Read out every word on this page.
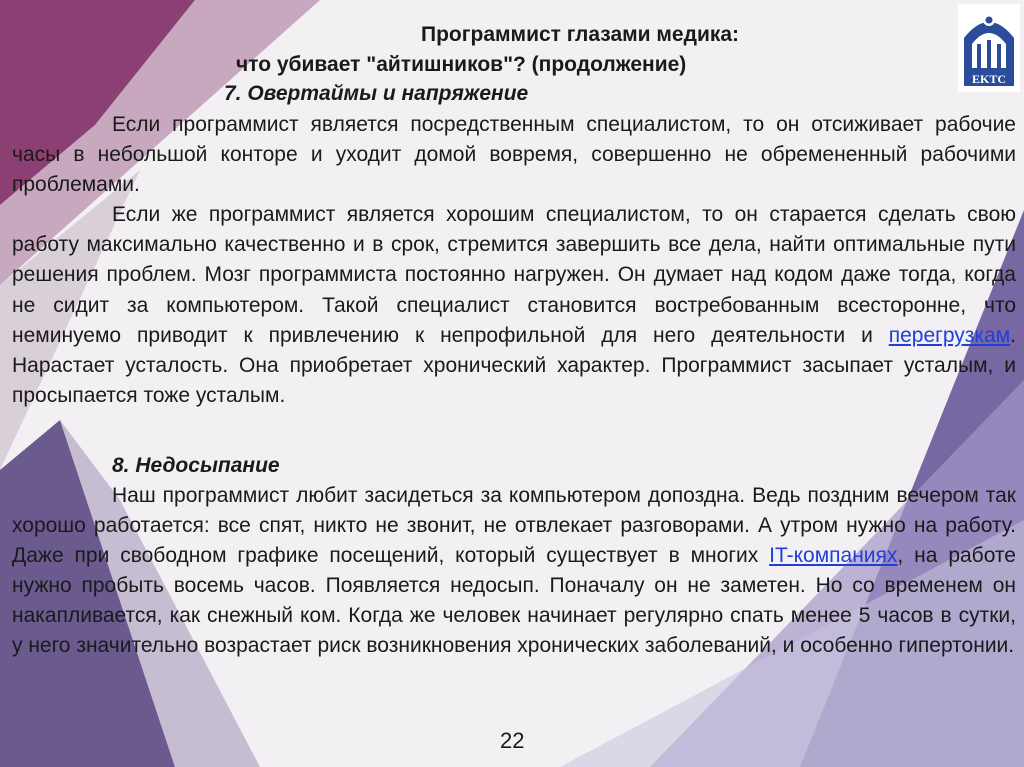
EKTC
Программист глазами медика:
что убивает "айтишников"? (продолжение)
7. Овертаймы и напряжение

Если программист является посредственным специалистом, то он отсиживает рабочие часы в небольшой конторе и уходит домой вовремя, совершенно не обремененный рабочими проблемами.

Если же программист является хорошим специалистом, то он старается сделать свою работу максимально качественно и в срок, стремится завершить все дела, найти оптимальные пути решения проблем. Мозг программиста постоянно нагружен. Он думает над кодом даже тогда, когда не сидит за компьютером. Такой специалист становится востребованным всесторонне, что неминуемо приводит к привлечению к непрофильной для него деятельности и перегрузкам. Нарастает усталость. Она приобретает хронический характер. Программист засыпает усталым, и просыпается тоже усталым.

8. Недосыпание

Наш программист любит засидеться за компьютером допоздна. Ведь поздним вечером так хорошо работается: все спят, никто не звонит, не отвлекает разговорами. А утром нужно на работу. Даже при свободном графике посещений, который существует в многих IT-компаниях, на работе нужно пробыть восемь часов. Появляется недосып. Поначалу он не заметен. Но со временем он накапливается, как снежный ком. Когда же человек начинает регулярно спать менее 5 часов в сутки, у него значительно возрастает риск возникновения хронических заболеваний, и особенно гипертонии.

22
